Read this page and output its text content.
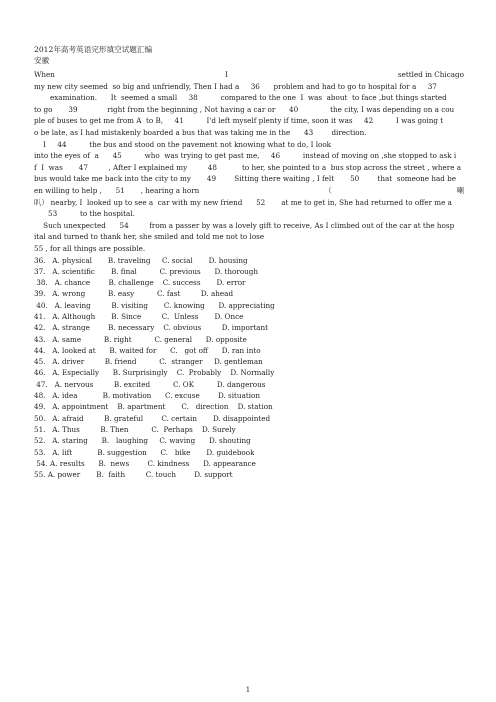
2012年高考英语完形填空试题汇编
安徽
When	I	settled in Chicago
my new city seemed  so big and unfriendly, Then I had a     36      problem and had to go to hospital for a     37
examination.      It  seemed a small     38          compared to the one  I  was  about  to face ,but things started
to go       39             right from the beginning , Not having a car or      40              the city, I was depending on a cou
ple of buses to get me from A  to B,     41          I'd left myself plenty if time, soon it was     42          I was going t
o be late, as I had mistakenly boarded a bus that was taking me in the      43        direction.
I     44          the bus and stood on the pavement not knowing what to do, I look
into the eyes of  a      45          who  was trying to get past me,     46          instead of moving on ,she stopped to ask i
f  I  was       47         , After I explained my         48           to her, she pointed to a  bus stop across the street , where a
bus would take me back into the city to my       49        Sitting there waiting , I felt       50        that  someone had be
en willing to help ,      51       , hearing a horn	（	喇
叭） nearby, I  looked up to see a  car with my new friend      52       at me to get in, She had returned to offer me a
53          to the hospital.
Such unexpected      54         from a passer by was a lovely gift to receive, As I climbed out of the car at the hosp
ital and turned to thank her, she smiled and told me not to lose
55 , for all things are possible.
36.   A. physical       B. traveling     C. social       D. housing
37.   A. scientific       B. final          C. previous      D. thorough
38.   A. chance        B. challenge    C. success       D. error
39.   A. wrong          B. easy          C. fast         D. ahead
40.   A. leaving         B. visiting       C. knowing      D. appreciating
41.   A. Although       B. Since         C.  Unless       D. Once
42.   A. strange        B. necessary    C. obvious         D. important
43.   A. same          B. right          C. general      D. opposite
44.   A. looked at      B. waited for      C.   got off      D. ran into
45.   A. driver         B. friend          C.  stranger     D. gentleman
46.   A. Especially      B. Surprisingly    C.  Probably    D. Normally
47.   A. nervous         B. excited          C. OK          D. dangerous
48.   A. idea           B. motivation      C. excuse        D. situation
49.   A. appointment    B. apartment       C.   direction    D. station
50.   A. afraid         B. grateful        C. certain       D. disappointed
51.   A. Thus         B. Then          C.  Perhaps    D. Surely
52.   A. staring      B.   laughing     C. waving      D. shouting
53.   A. lift           B. suggestion      C.   bike       D. guidebook
54. A. results      B.  news        C. kindness      D. appearance
55. A. power       B.  faith         C. touch        D. support
1
